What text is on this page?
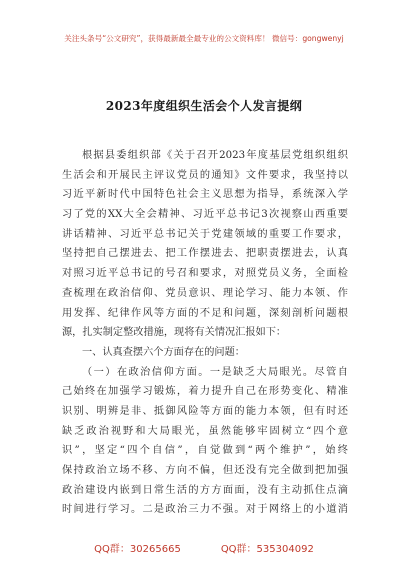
关注头条号“公文研究”，获得最新最全最专业的公文资料库！ 微信号：gongwenyj
2023年度组织生活会个人发言提纲
根据县委组织部《关于召开2023年度基层党组织组织
生活会和开展民主评议党员的通知》文件要求，我坚持以
习近平新时代中国特色社会主义思想为指导，系统深入学
习了党的XX大全会精神、习近平总书记3次视察山西重要
讲话精神、习近平总书记关于党建领域的重要工作要求，
坚持把自己摆进去、把工作摆进去、把职责摆进去，认真
对照习近平总书记的号召和要求，对照党员义务，全面检
查梳理在政治信仰、党员意识、理论学习、能力本领、作
用发挥、纪律作风等方面的不足和问题，深刻剖析问题根
源，扎实制定整改措施，现将有关情况汇报如下：
一、认真查摆六个方面存在的问题：
（一）在政治信仰方面。一是缺乏大局眼光。尽管自
己始终在加强学习锻炼，着力提升自己在形势变化、精准
识别、明辨是非、抵御风险等方面的能力本领，但有时还
缺乏政治视野和大局眼光，虽然能够牢固树立“四个意
识”，坚定“四个自信”，自觉做到“两个维护”，始终
保持政治立场不移、方向不偏，但还没有完全做到把加强
政治建设内嵌到日常生活的方方面面，没有主动抓住点滴
时间进行学习。二是政治三力不强。对于网络上的小道消
QQ群：30265665	QQ群：535304092
